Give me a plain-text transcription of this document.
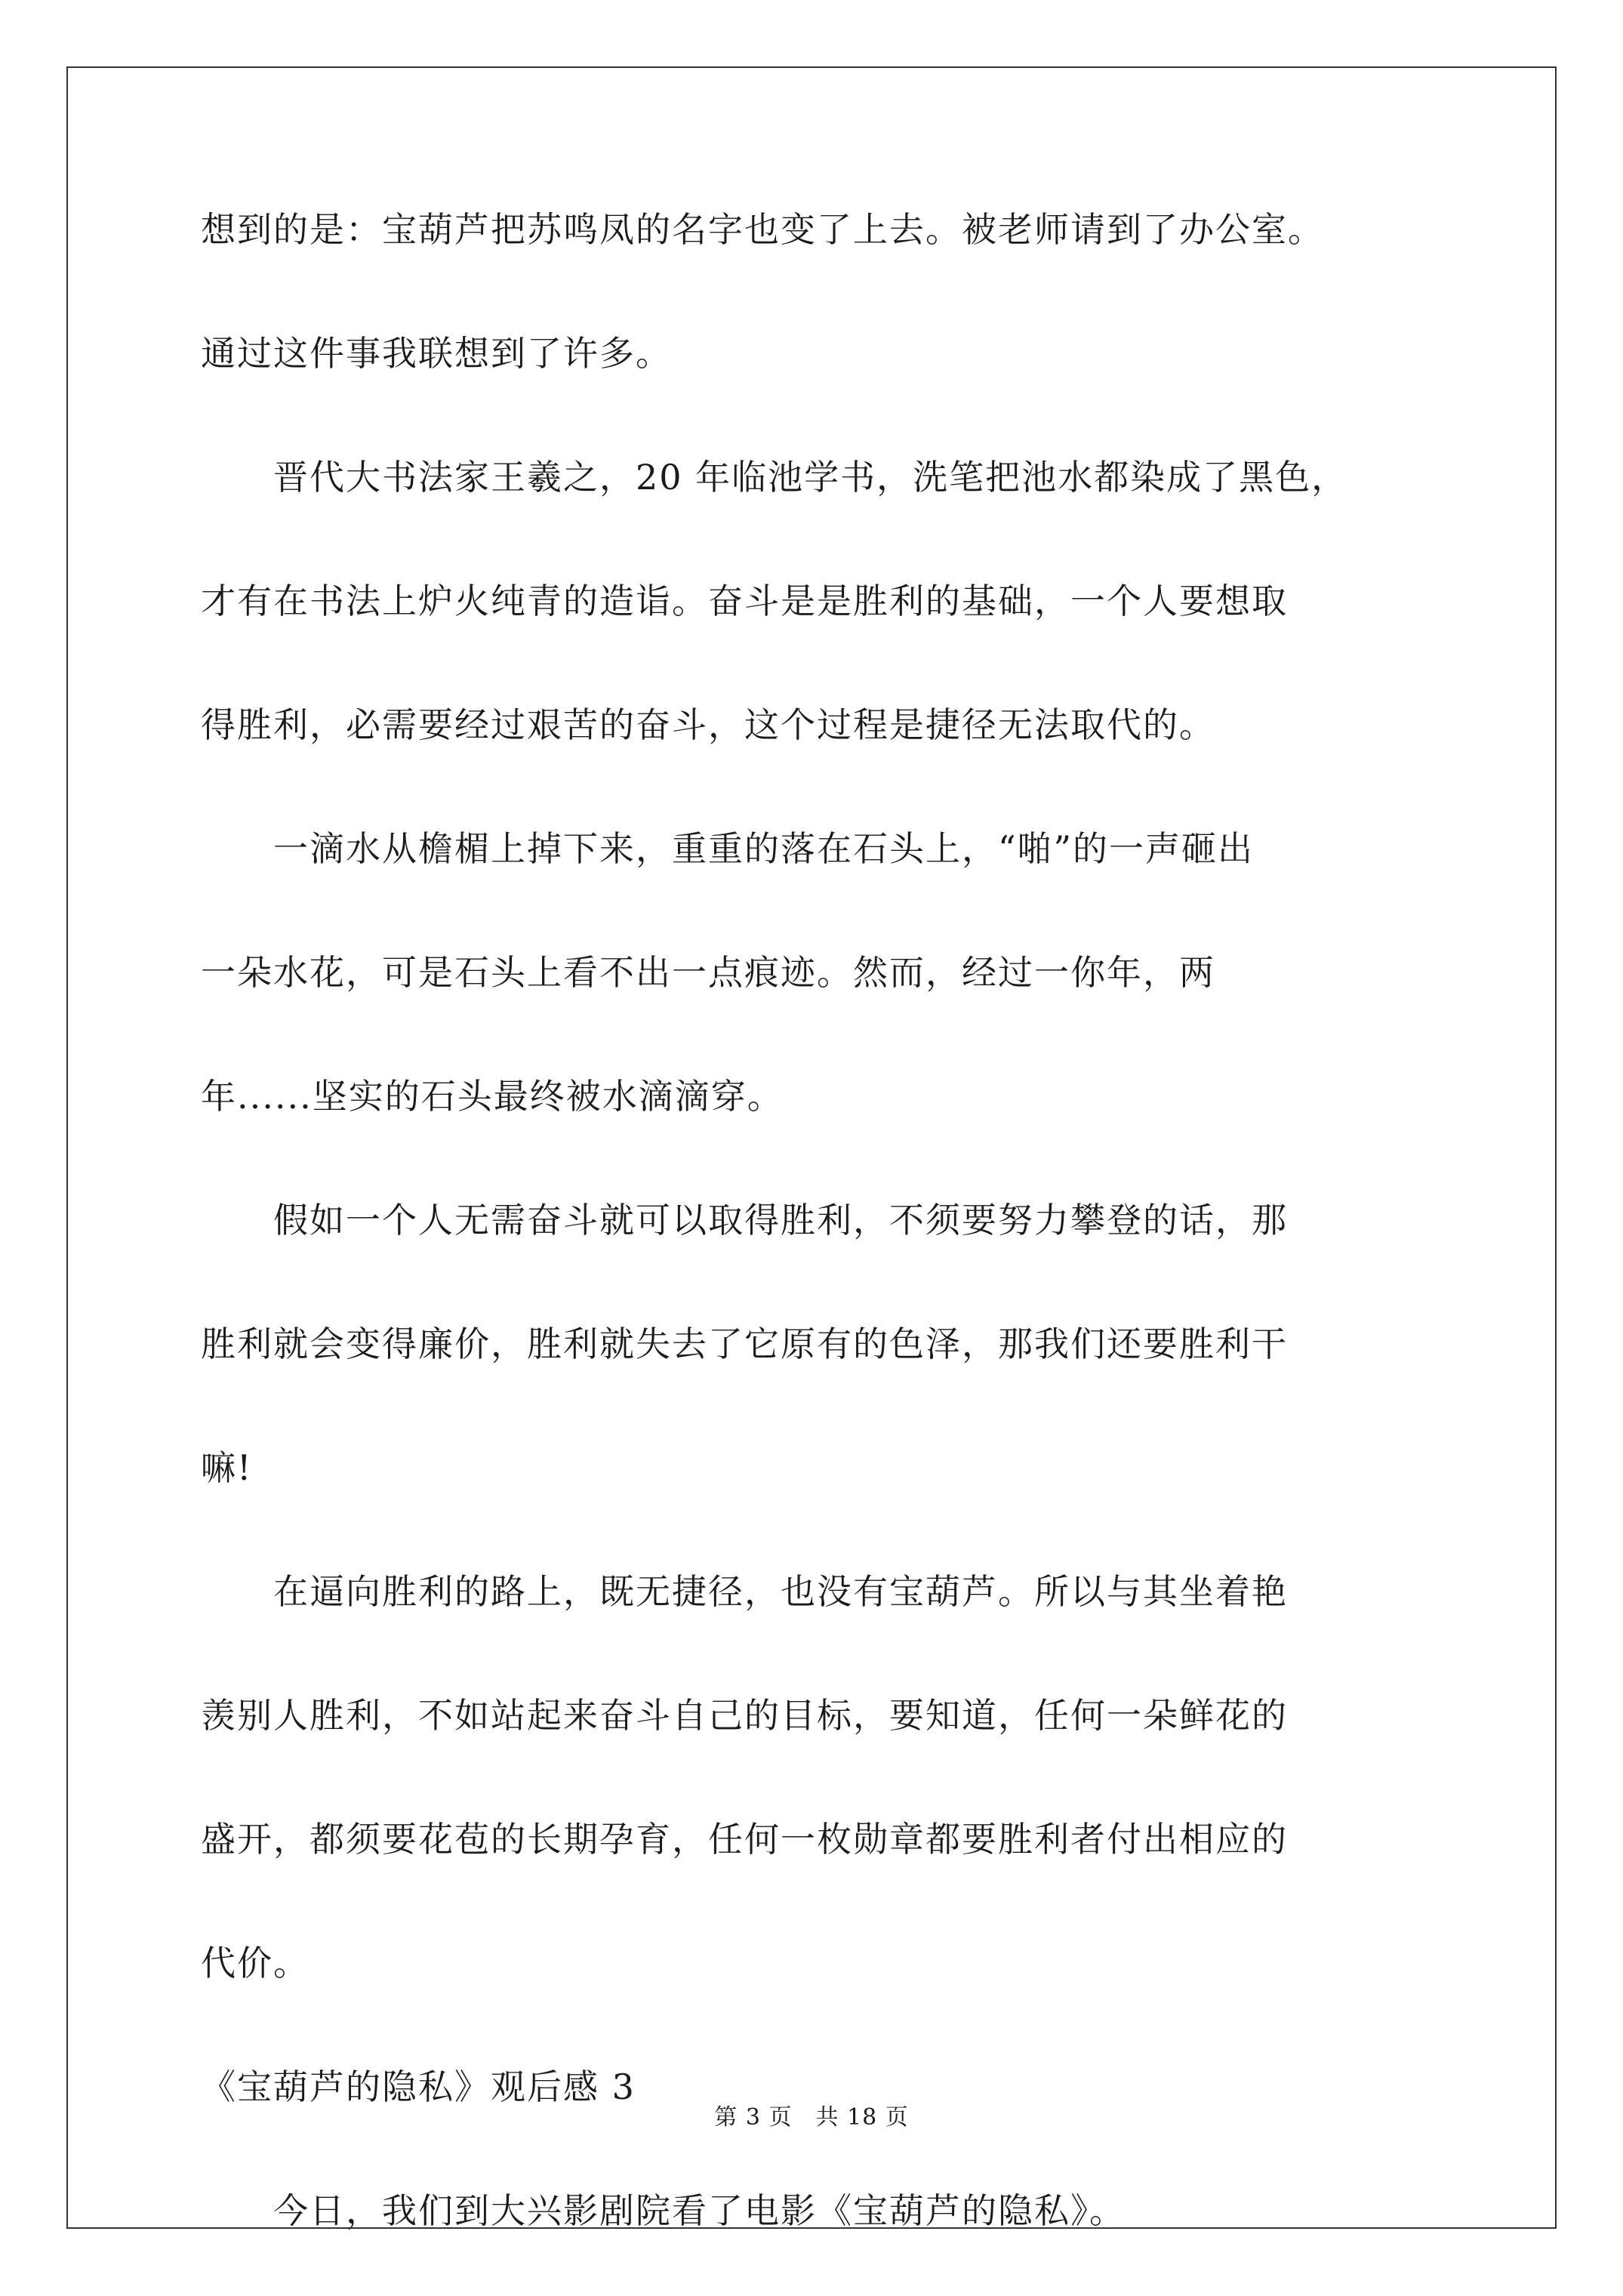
想到的是：宝葫芦把苏鸣凤的名字也变了上去。被老师请到了办公室。
通过这件事我联想到了许多。
　　晋代大书法家王羲之，20 年临池学书，洗笔把池水都染成了黑色，
才有在书法上炉火纯青的造诣。奋斗是是胜利的基础，一个人要想取
得胜利，必需要经过艰苦的奋斗，这个过程是捷径无法取代的。
　　一滴水从檐楣上掉下来，重重的落在石头上，“啪”的一声砸出
一朵水花，可是石头上看不出一点痕迹。然而，经过一你年，两
年......坚实的石头最终被水滴滴穿。
　　假如一个人无需奋斗就可以取得胜利，不须要努力攀登的话，那
胜利就会变得廉价，胜利就失去了它原有的色泽，那我们还要胜利干
嘛!
　　在逼向胜利的路上，既无捷径，也没有宝葫芦。所以与其坐着艳
羡别人胜利，不如站起来奋斗自己的目标，要知道，任何一朵鲜花的
盛开，都须要花苞的长期孕育，任何一枚勋章都要胜利者付出相应的
代价。
《宝葫芦的隐私》观后感 3
　　今日，我们到大兴影剧院看了电影《宝葫芦的隐私》。
第 3 页　共 18 页
